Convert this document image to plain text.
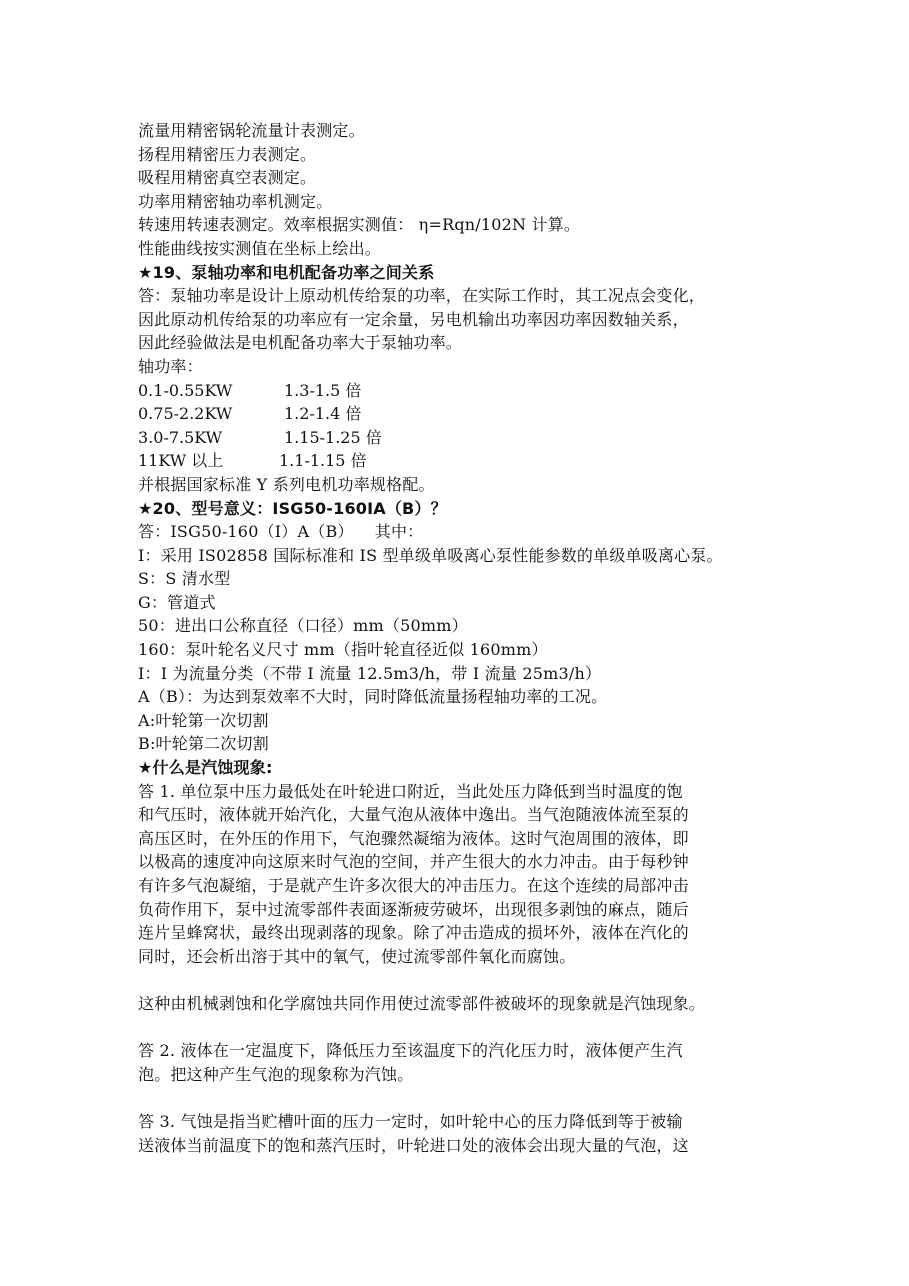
流量用精密锅轮流量计表测定。
扬程用精密压力表测定。
吸程用精密真空表测定。
功率用精密轴功率机测定。
转速用转速表测定。效率根据实测值： η=Rqn/102N 计算。
性能曲线按实测值在坐标上绘出。
★19、泵轴功率和电机配备功率之间关系
答：泵轴功率是设计上原动机传给泵的功率，在实际工作时，其工况点会变化，
因此原动机传给泵的功率应有一定余量，另电机输出功率因功率因数轴关系，
因此经验做法是电机配备功率大于泵轴功率。
轴功率：
0.1-0.55KW	1.3-1.5 倍
0.75-2.2KW	1.2-1.4 倍
3.0-7.5KW	1.15-1.25 倍
11KW 以上	1.1-1.15 倍
并根据国家标准 Y 系列电机功率规格配。
★20、型号意义：ISG50-160IA（B）？
答：ISG50-160（I）A（B）    其中：
I：采用 IS02858 国际标准和 IS 型单级单吸离心泵性能参数的单级单吸离心泵。
S：S 清水型
G：管道式
50：进出口公称直径（口径）mm（50mm）
160：泵叶轮名义尺寸 mm（指叶轮直径近似 160mm）
I：I 为流量分类（不带 I 流量 12.5m3/h，带 I 流量 25m3/h）
A（B）：为达到泵效率不大时，同时降低流量扬程轴功率的工况。
A:叶轮第一次切割
B:叶轮第二次切割
★什么是汽蚀现象:
答 1. 单位泵中压力最低处在叶轮进口附近，当此处压力降低到当时温度的饱
和气压时，液体就开始汽化，大量气泡从液体中逸出。当气泡随液体流至泵的
高压区时，在外压的作用下，气泡骤然凝缩为液体。这时气泡周围的液体，即
以极高的速度冲向这原来时气泡的空间，并产生很大的水力冲击。由于每秒钟
有许多气泡凝缩，于是就产生许多次很大的冲击压力。在这个连续的局部冲击
负荷作用下，泵中过流零部件表面逐渐疲劳破坏，出现很多剥蚀的麻点，随后
连片呈蜂窝状，最终出现剥落的现象。除了冲击造成的损坏外，液体在汽化的
同时，还会析出溶于其中的氧气，使过流零部件氧化而腐蚀。
这种由机械剥蚀和化学腐蚀共同作用使过流零部件被破坏的现象就是汽蚀现象。
答 2. 液体在一定温度下，降低压力至该温度下的汽化压力时，液体便产生汽
泡。把这种产生气泡的现象称为汽蚀。
答 3. 气蚀是指当贮槽叶面的压力一定时，如叶轮中心的压力降低到等于被输
送液体当前温度下的饱和蒸汽压时，叶轮进口处的液体会出现大量的气泡，这
